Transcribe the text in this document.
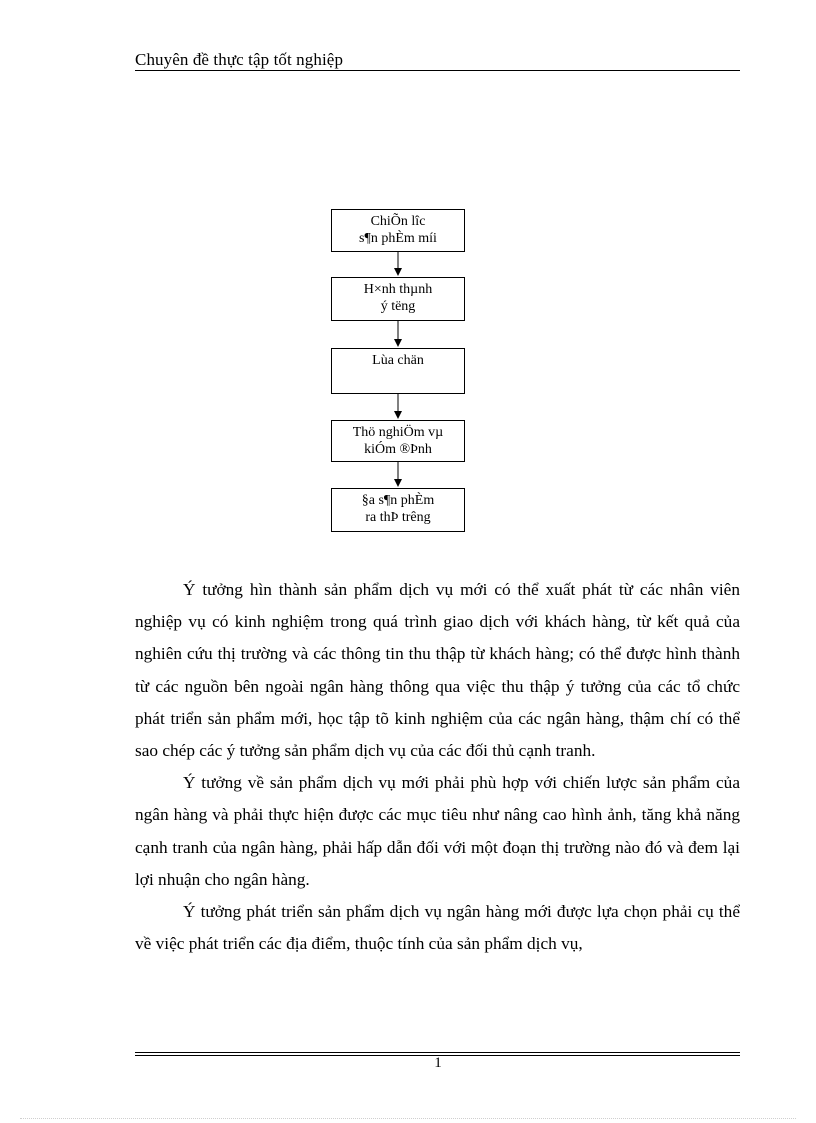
Chuyên đề thực tập tốt nghiệp
ChiÕn lîc
s¶n phÈm míi
H×nh thµnh
ý tëng
Lùa chän
Thö nghiÖm vµ
kiÓm ®Þnh
§a s¶n phÈm
ra thÞ trêng

Ý tưởng hìn thành sản phẩm dịch vụ mới có thể xuất phát từ các nhân viên nghiệp vụ có kinh nghiệm trong quá trình giao dịch với khách hàng, từ kết quả của nghiên cứu thị trường và các thông tin thu thập từ khách hàng; có thể được hình thành từ các nguồn bên ngoài ngân hàng thông qua việc thu thập ý tưởng của các tổ chức phát triển sản phẩm mới, học tập tõ kinh nghiệm của các ngân hàng, thậm chí có thể sao chép các ý tưởng sản phẩm dịch vụ của các đối thủ cạnh tranh.

Ý tưởng về sản phẩm dịch vụ mới phải phù hợp với chiến lược sản phẩm của ngân hàng và phải thực hiện được các mục tiêu như nâng cao hình ảnh, tăng khả năng cạnh tranh của ngân hàng, phải hấp dẫn đối với một đoạn thị trường nào đó và đem lại lợi nhuận cho ngân hàng.

Ý tưởng phát triển sản phẩm dịch vụ ngân hàng mới được lựa chọn phải cụ thể về việc phát triển các địa điểm, thuộc tính của sản phẩm dịch vụ,

1
